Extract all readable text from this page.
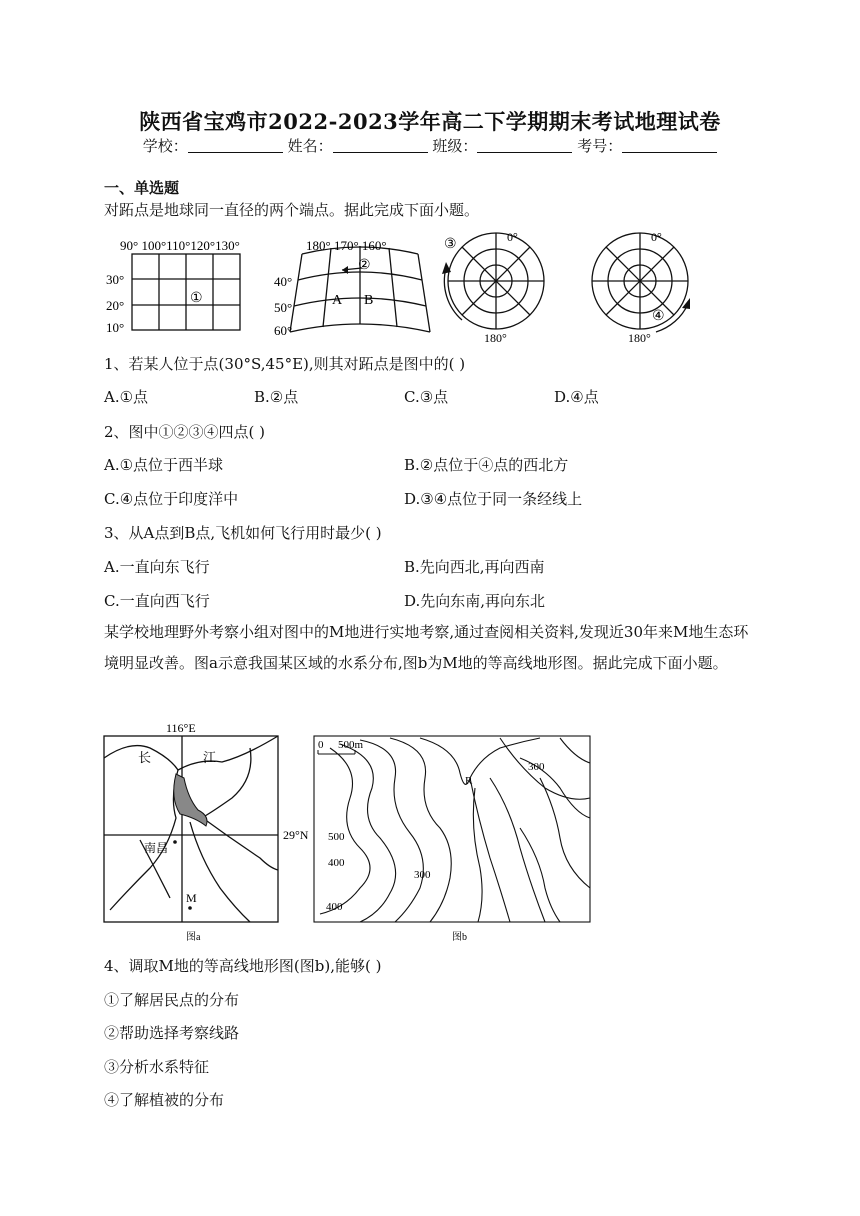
陕西省宝鸡市2022-2023学年高二下学期期末考试地理试卷
学校：	姓名：	班级：	考号：
一、单选题
对跖点是地球同一直径的两个端点。据此完成下面小题。
90° 100°110°120°130°
30°
20°
10°
①
180° 170° 160°
40°
50°
60°
②
A B
③	0°
180°
0°
180°
④
1、若某人位于点(30°S,45°E),则其对跖点是图中的( )
A.①点	B.②点	C.③点	D.④点
2、图中①②③④四点( )
A.①点位于西半球	B.②点位于④点的西北方
C.④点位于印度洋中	D.③④点位于同一条经线上
3、从A点到B点,飞机如何飞行用时最少( )
A.一直向东飞行	B.先向西北,再向西南
C.一直向西飞行	D.先向东南,再向东北
某学校地理野外考察小组对图中的M地进行实地考察,通过查阅相关资料,发现近30年来M地生态环境明显改善。图a示意我国某区域的水系分布,图b为M地的等高线地形图。据此完成下面小题。
116°E
长	江
29°N
南昌
M
图a
0 500m
R
300
500
400
300
400
图b
4、调取M地的等高线地形图(图b),能够( )
①了解居民点的分布
②帮助选择考察线路
③分析水系特征
④了解植被的分布
